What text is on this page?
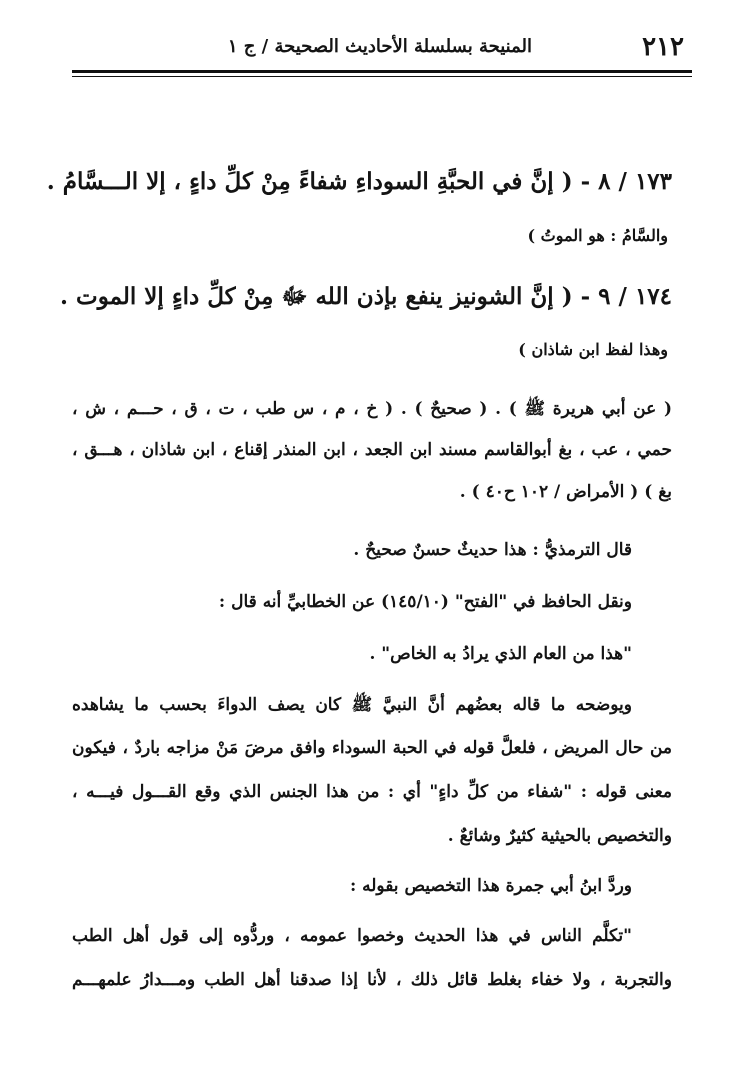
٢١٢
المنيحة بسلسلة الأحاديث الصحيحة / ج ١
١٧٣ / ٨ - ( إنَّ في الحبَّةِ السوداءِ شفاءً مِنْ كلِّ داءٍ ، إلا الـــسَّامُ .
والسَّامُ : هو الموتُ )
١٧٤ / ٩ - ( إنَّ الشونيز ينفع بإذن الله ﷻ مِنْ كلِّ داءٍ إلا الموت .
وهذا لفظ ابن شاذان )
( عن أبي هريرة ﷺ ) . ( صحيحٌ ) . ( خ ، م ، س طب ، ت ، ق ، حـــم ، ش ،
حمي ، عب ، بغ أبوالقاسم مسند ابن الجعد ، ابن المنذر إقناع ، ابن شاذان ، هـــق ،
بغ ) ( الأمراض / ١٠٢ ح٤٠ ) .
قال الترمذيُّ : هذا حديثٌ حسنٌ صحيحٌ .
ونقل الحافظ في "الفتح" (١٤٥/١٠) عن الخطابيِّ أنه قال :
"هذا من العام الذي يرادُ به الخاص" .
ويوضحه ما قاله بعضُهم أنَّ النبيَّ ﷺ كان يصف الدواءَ بحسب ما يشاهده
من حال المريض ، فلعلَّ قوله في الحبة السوداء وافق مرضَ مَنْ مزاجه باردٌ ، فيكون
معنى قوله : "شفاء من كلِّ داءٍ" أي : من هذا الجنس الذي وقع القـــول فيـــه ،
والتخصيص بالحيثية كثيرٌ وشائعٌ .
وردَّ ابنُ أبي جمرة هذا التخصيص بقوله :
"تكلَّم الناس في هذا الحديث وخصوا عمومه ، وردُّوه إلى قول أهل الطب
والتجربة ، ولا خفاء بغلط قائل ذلك ، لأنا إذا صدقنا أهل الطب ومـــدارُ علمهـــم
